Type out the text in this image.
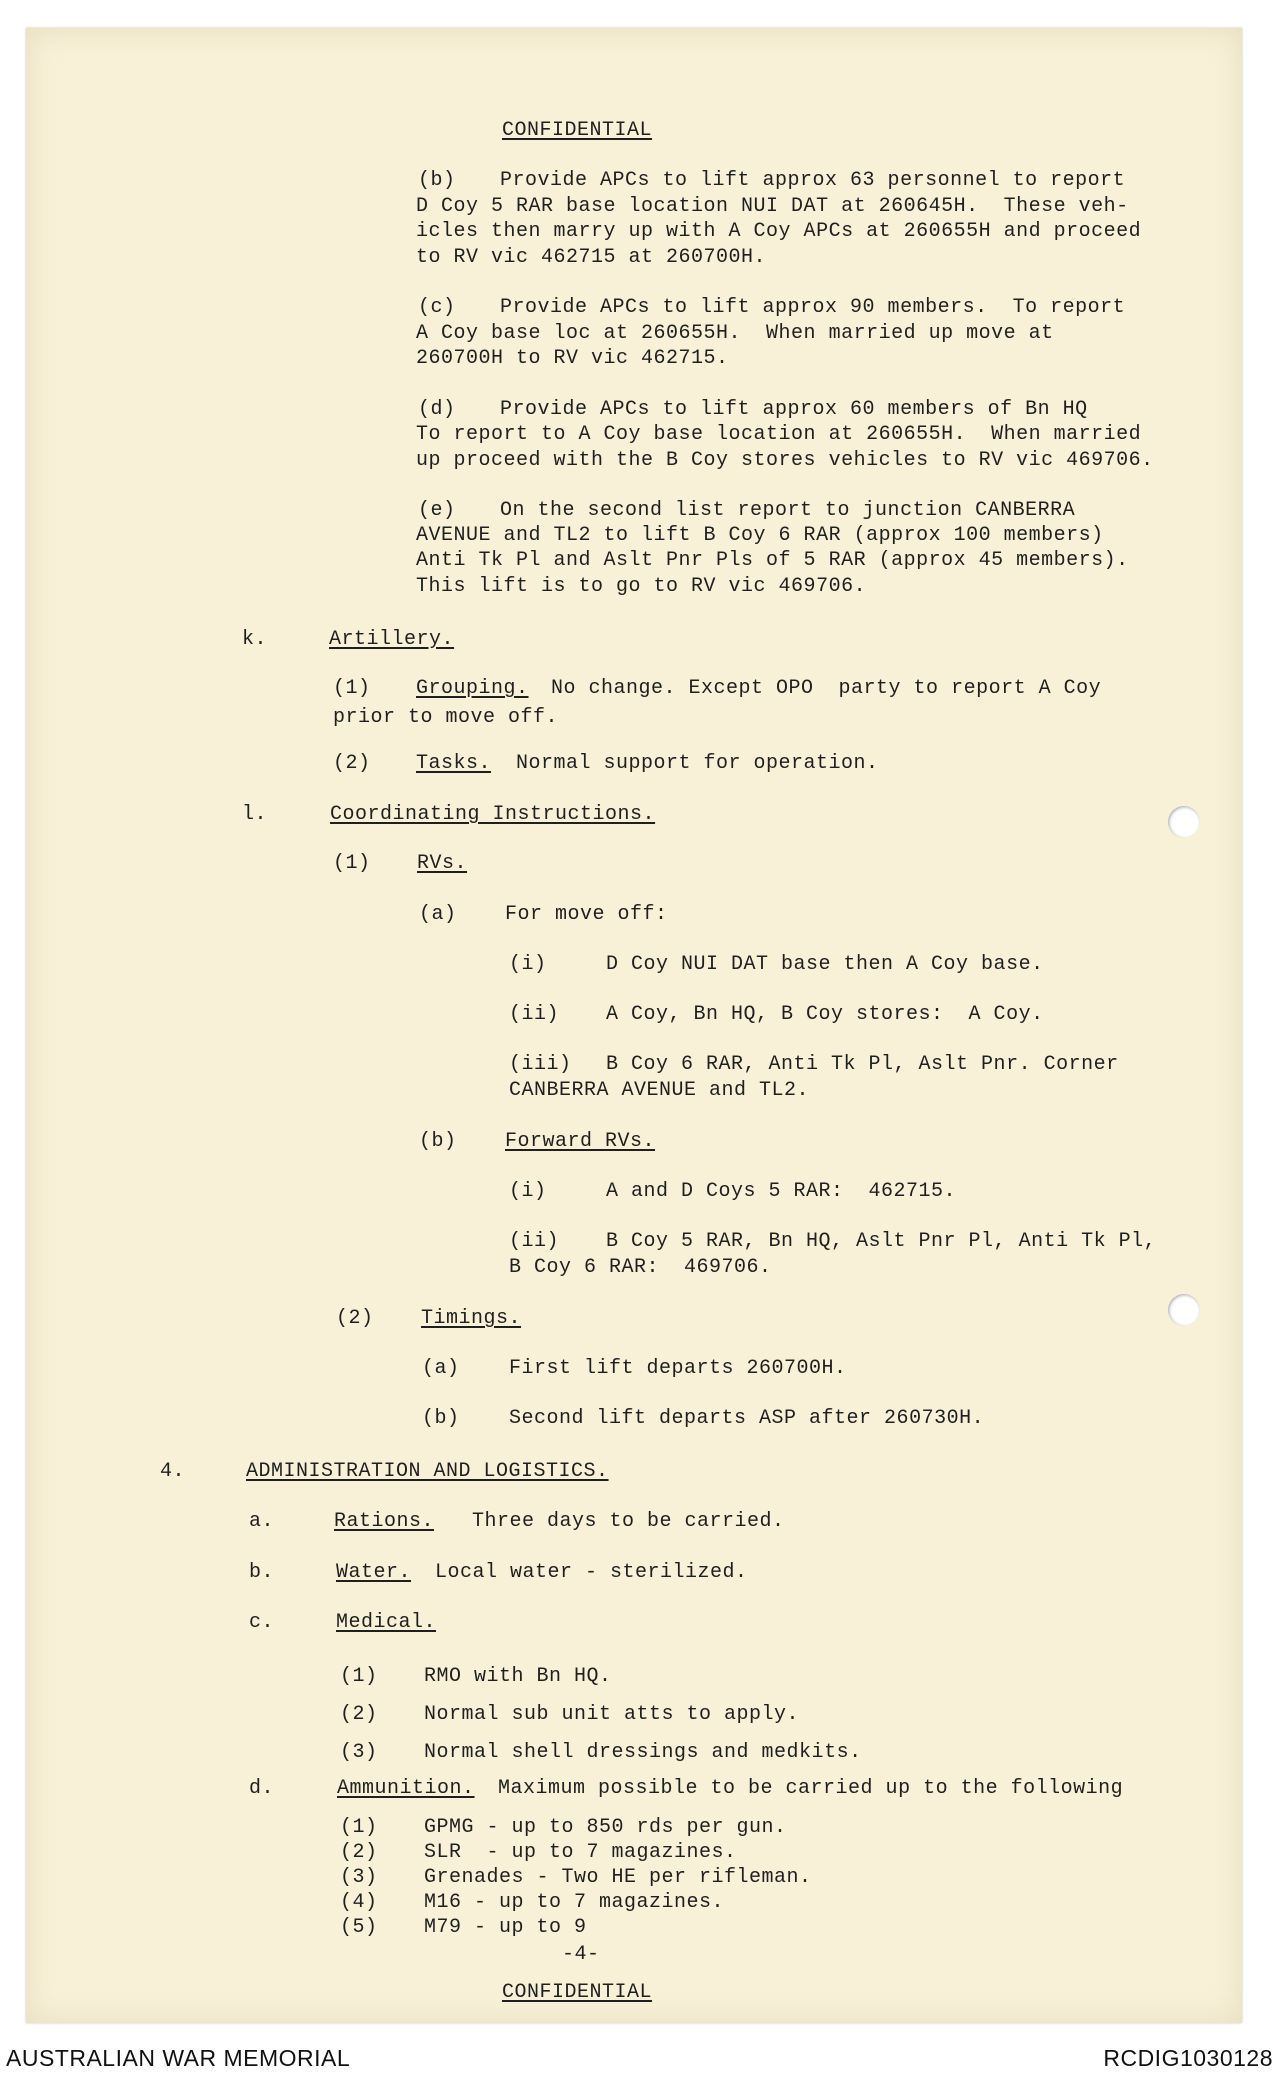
CONFIDENTIAL
(b) Provide APCs to lift approx 63 personnel to report
D Coy 5 RAR base location NUI DAT at 260645H.  These veh-
icles then marry up with A Coy APCs at 260655H and proceed
to RV vic 462715 at 260700H.
(c) Provide APCs to lift approx 90 members.  To report
A Coy base loc at 260655H.  When married up move at
260700H to RV vic 462715.
(d) Provide APCs to lift approx 60 members of Bn HQ
To report to A Coy base location at 260655H.  When married
up proceed with the B Coy stores vehicles to RV vic 469706.
(e) On the second list report to junction CANBERRA
AVENUE and TL2 to lift B Coy 6 RAR (approx 100 members)
Anti Tk Pl and Aslt Pnr Pls of 5 RAR (approx 45 members).
This lift is to go to RV vic 469706.
k.	Artillery.
(1) Grouping. No change. Except OPO  party to report A Coy
prior to move off.
(2) Tasks. Normal support for operation.
l.	Coordinating Instructions.
(1) RVs.
(a) For move off:
(i)	D Coy NUI DAT base then A Coy base.
(ii) A Coy, Bn HQ, B Coy stores:  A Coy.
(iii) B Coy 6 RAR, Anti Tk Pl, Aslt Pnr. Corner
CANBERRA AVENUE and TL2.
(b) Forward RVs.
(i)	A and D Coys 5 RAR:  462715.
(ii) B Coy 5 RAR, Bn HQ, Aslt Pnr Pl, Anti Tk Pl,
B Coy 6 RAR:  469706.
(2) Timings.
(a) First lift departs 260700H.
(b) Second lift departs ASP after 260730H.
4.	ADMINISTRATION AND LOGISTICS.
a.	Rations. Three days to be carried.
b.	Water. Local water - sterilized.
c.	Medical.
(1) RMO with Bn HQ.
(2) Normal sub unit atts to apply.
(3) Normal shell dressings and medkits.
d.	Ammunition. Maximum possible to be carried up to the following
(1) GPMG - up to 850 rds per gun.
(2) SLR  - up to 7 magazines.
(3) Grenades - Two HE per rifleman.
(4) M16 - up to 7 magazines.
(5) M79 - up to 9
-4-
CONFIDENTIAL
AUSTRALIAN WAR MEMORIAL	RCDIG1030128
